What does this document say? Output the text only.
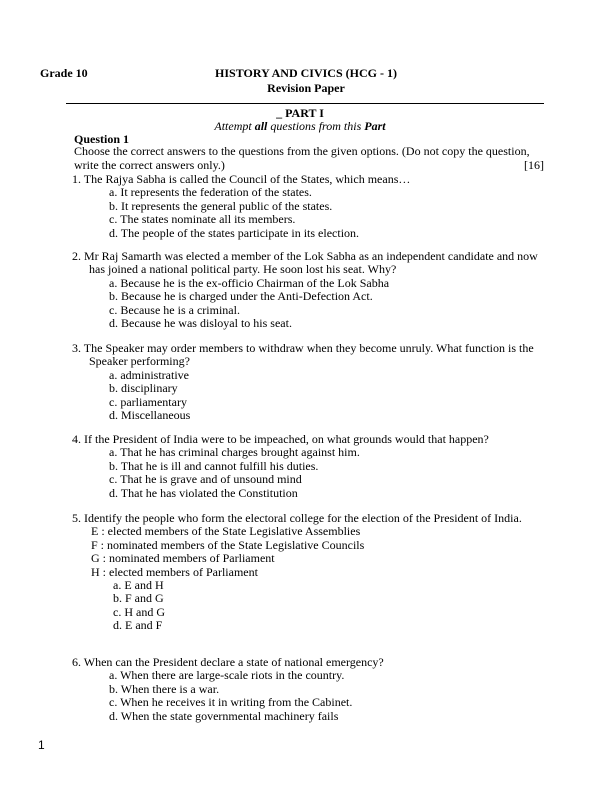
Grade 10	HISTORY AND CIVICS (HCG - 1)
Revision Paper
_ PART I
Attempt all questions from this Part
Question 1
Choose the correct answers to the questions from the given options. (Do not copy the question,
write the correct answers only.)	[16]
1. The Rajya Sabha is called the Council of the States, which means…
a. It represents the federation of the states.
b. It represents the general public of the states.
c. The states nominate all its members.
d. The people of the states participate in its election.
2. Mr Raj Samarth was elected a member of the Lok Sabha as an independent candidate and now has joined a national political party. He soon lost his seat. Why?
a. Because he is the ex-officio Chairman of the Lok Sabha
b. Because he is charged under the Anti-Defection Act.
c. Because he is a criminal.
d. Because he was disloyal to his seat.
3. The Speaker may order members to withdraw when they become unruly. What function is the Speaker performing?
a. administrative
b. disciplinary
c. parliamentary
d. Miscellaneous
4. If the President of India were to be impeached, on what grounds would that happen?
a. That he has criminal charges brought against him.
b. That he is ill and cannot fulfill his duties.
c. That he is grave and of unsound mind
d. That he has violated the Constitution
5. Identify the people who form the electoral college for the election of the President of India.
E : elected members of the State Legislative Assemblies
F : nominated members of the State Legislative Councils
G : nominated members of Parliament
H : elected members of Parliament
a. E and H
b. F and G
c. H and G
d. E and F
6. When can the President declare a state of national emergency?
a. When there are large-scale riots in the country.
b. When there is a war.
c. When he receives it in writing from the Cabinet.
d. When the state governmental machinery fails
1
